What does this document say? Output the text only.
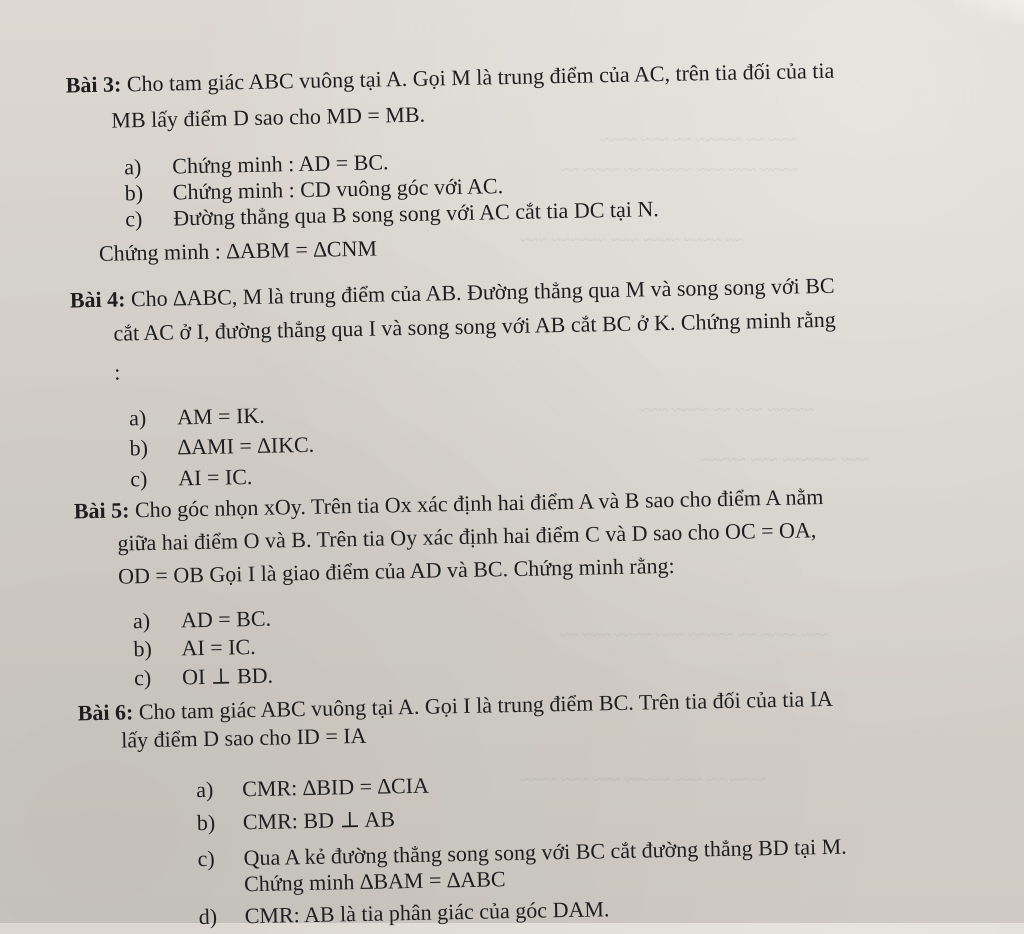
~~~ ~~ ~~~~~ ~~ ~~~ ~~~~
~~~~ ~~~ ~~~ ~~~~~ ~~ ~~~~ ~~
~~ ~~~~ ~~~~ ~~~ ~~~~~~ ~~~
~~~~~ ~~~ ~~ ~~~~ ~~~
~~~ ~~~~~~ ~~~ ~~~~~
~~~ ~~~~ ~~ ~~~~~ ~~~ ~~~~ ~~~ ~~
~~~~ ~~ ~~~ ~~~~~ ~~~ ~~~ ~~~~
Bài 3: Cho tam giác ABC vuông tại A. Gọi M là trung điểm của AC, trên tia đối của tia
MB lấy điểm D sao cho MD = MB.
a) Chứng minh : AD = BC.
b) Chứng minh : CD vuông góc với AC.
c) Đường thẳng qua B song song với AC cắt tia DC tại N.
Chứng minh : ∆ABM = ∆CNM
Bài 4: Cho ∆ABC, M là trung điểm của AB. Đường thẳng qua M và song song với BC
cắt AC ở I, đường thẳng qua I và song song với AB cắt BC ở K. Chứng minh rằng
:
a) AM = IK.
b) ∆AMI = ∆IKC.
c) AI = IC.
Bài 5: Cho góc nhọn xOy. Trên tia Ox xác định hai điểm A và B sao cho điểm A nằm
giữa hai điểm O và B. Trên tia Oy xác định hai điểm C và D sao cho OC = OA,
OD = OB Gọi I là giao điểm của AD và BC. Chứng minh rằng:
a) AD = BC.
b) AI = IC.
c) OI ⊥ BD.
Bài 6: Cho tam giác ABC vuông tại A. Gọi I là trung điểm BC. Trên tia đối của tia IA
lấy điểm D sao cho ID = IA
a) CMR: ∆BID = ∆CIA
b) CMR: BD ⊥ AB
c) Qua A kẻ đường thẳng song song với BC cắt đường thẳng BD tại M.
Chứng minh ∆BAM = ∆ABC
d) CMR: AB là tia phân giác của góc DAM.
